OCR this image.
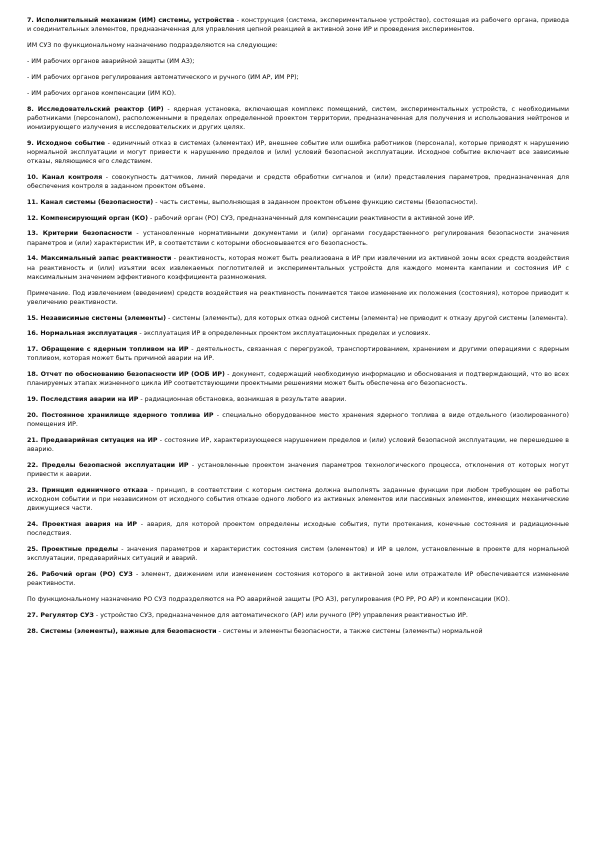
7. Исполнительный механизм (ИМ) системы, устройства - конструкция (система, экспериментальное устройство), состоящая из рабочего органа, привода и соединительных элементов, предназначенная для управления цепной реакцией в активной зоне ИР и проведения экспериментов.

ИМ СУЗ по функциональному назначению подразделяются на следующие:

- ИМ рабочих органов аварийной защиты (ИМ АЗ);

- ИМ рабочих органов регулирования автоматического и ручного (ИМ АР, ИМ РР);

- ИМ рабочих органов компенсации (ИМ КО).

8. Исследовательский реактор (ИР) - ядерная установка, включающая комплекс помещений, систем, экспериментальных устройств, с необходимыми работниками (персоналом), расположенными в пределах определенной проектом территории, предназначенная для получения и использования нейтронов и ионизирующего излучения в исследовательских и других целях.

9. Исходное событие - единичный отказ в системах (элементах) ИР, внешнее событие или ошибка работников (персонала), которые приводят к нарушению нормальной эксплуатации и могут привести к нарушению пределов и (или) условий безопасной эксплуатации. Исходное событие включает все зависимые отказы, являющиеся его следствием.

10. Канал контроля - совокупность датчиков, линий передачи и средств обработки сигналов и (или) представления параметров, предназначенная для обеспечения контроля в заданном проектом объеме.

11. Канал системы (безопасности) - часть системы, выполняющая в заданном проектом объеме функцию системы (безопасности).

12. Компенсирующий орган (КО) - рабочий орган (РО) СУЗ, предназначенный для компенсации реактивности в активной зоне ИР.

13. Критерии безопасности - установленные нормативными документами и (или) органами государственного регулирования безопасности значения параметров и (или) характеристик ИР, в соответствии с которыми обосновывается его безопасность.

14. Максимальный запас реактивности - реактивность, которая может быть реализована в ИР при извлечении из активной зоны всех средств воздействия на реактивность и (или) изъятии всех извлекаемых поглотителей и экспериментальных устройств для каждого момента кампании и состояния ИР с максимальным значением эффективного коэффициента размножения.

Примечание. Под извлечением (введением) средств воздействия на реактивность понимается такое изменение их положения (состояния), которое приводит к увеличению реактивности.

15. Независимые системы (элементы) - системы (элементы), для которых отказ одной системы (элемента) не приводит к отказу другой системы (элемента).

16. Нормальная эксплуатация - эксплуатация ИР в определенных проектом эксплуатационных пределах и условиях.

17. Обращение с ядерным топливом на ИР - деятельность, связанная с перегрузкой, транспортированием, хранением и другими операциями с ядерным топливом, которая может быть причиной аварии на ИР.

18. Отчет по обоснованию безопасности ИР (ООБ ИР) - документ, содержащий необходимую информацию и обоснования и подтверждающий, что во всех планируемых этапах жизненного цикла ИР соответствующими проектными решениями может быть обеспечена его безопасность.

19. Последствия аварии на ИР - радиационная обстановка, возникшая в результате аварии.

20. Постоянное хранилище ядерного топлива ИР - специально оборудованное место хранения ядерного топлива в виде отдельного (изолированного) помещения ИР.

21. Предаварийная ситуация на ИР - состояние ИР, характеризующееся нарушением пределов и (или) условий безопасной эксплуатации, не перешедшее в аварию.

22. Пределы безопасной эксплуатации ИР - установленные проектом значения параметров технологического процесса, отклонения от которых могут привести к аварии.

23. Принцип единичного отказа - принцип, в соответствии с которым система должна выполнять заданные функции при любом требующем ее работы исходном событии и при независимом от исходного события отказе одного любого из активных элементов или пассивных элементов, имеющих механические движущиеся части.

24. Проектная авария на ИР - авария, для которой проектом определены исходные события, пути протекания, конечные состояния и радиационные последствия.

25. Проектные пределы - значения параметров и характеристик состояния систем (элементов) и ИР в целом, установленные в проекте для нормальной эксплуатации, предаварийных ситуаций и аварий.

26. Рабочий орган (РО) СУЗ - элемент, движением или изменением состояния которого в активной зоне или отражателе ИР обеспечивается изменение реактивности.

По функциональному назначению РО СУЗ подразделяются на РО аварийной защиты (РО АЗ), регулирования (РО РР, РО АР) и компенсации (КО).

27. Регулятор СУЗ - устройство СУЗ, предназначенное для автоматического (АР) или ручного (РР) управления реактивностью ИР.

28. Системы (элементы), важные для безопасности - системы и элементы безопасности, а также системы (элементы) нормальной
